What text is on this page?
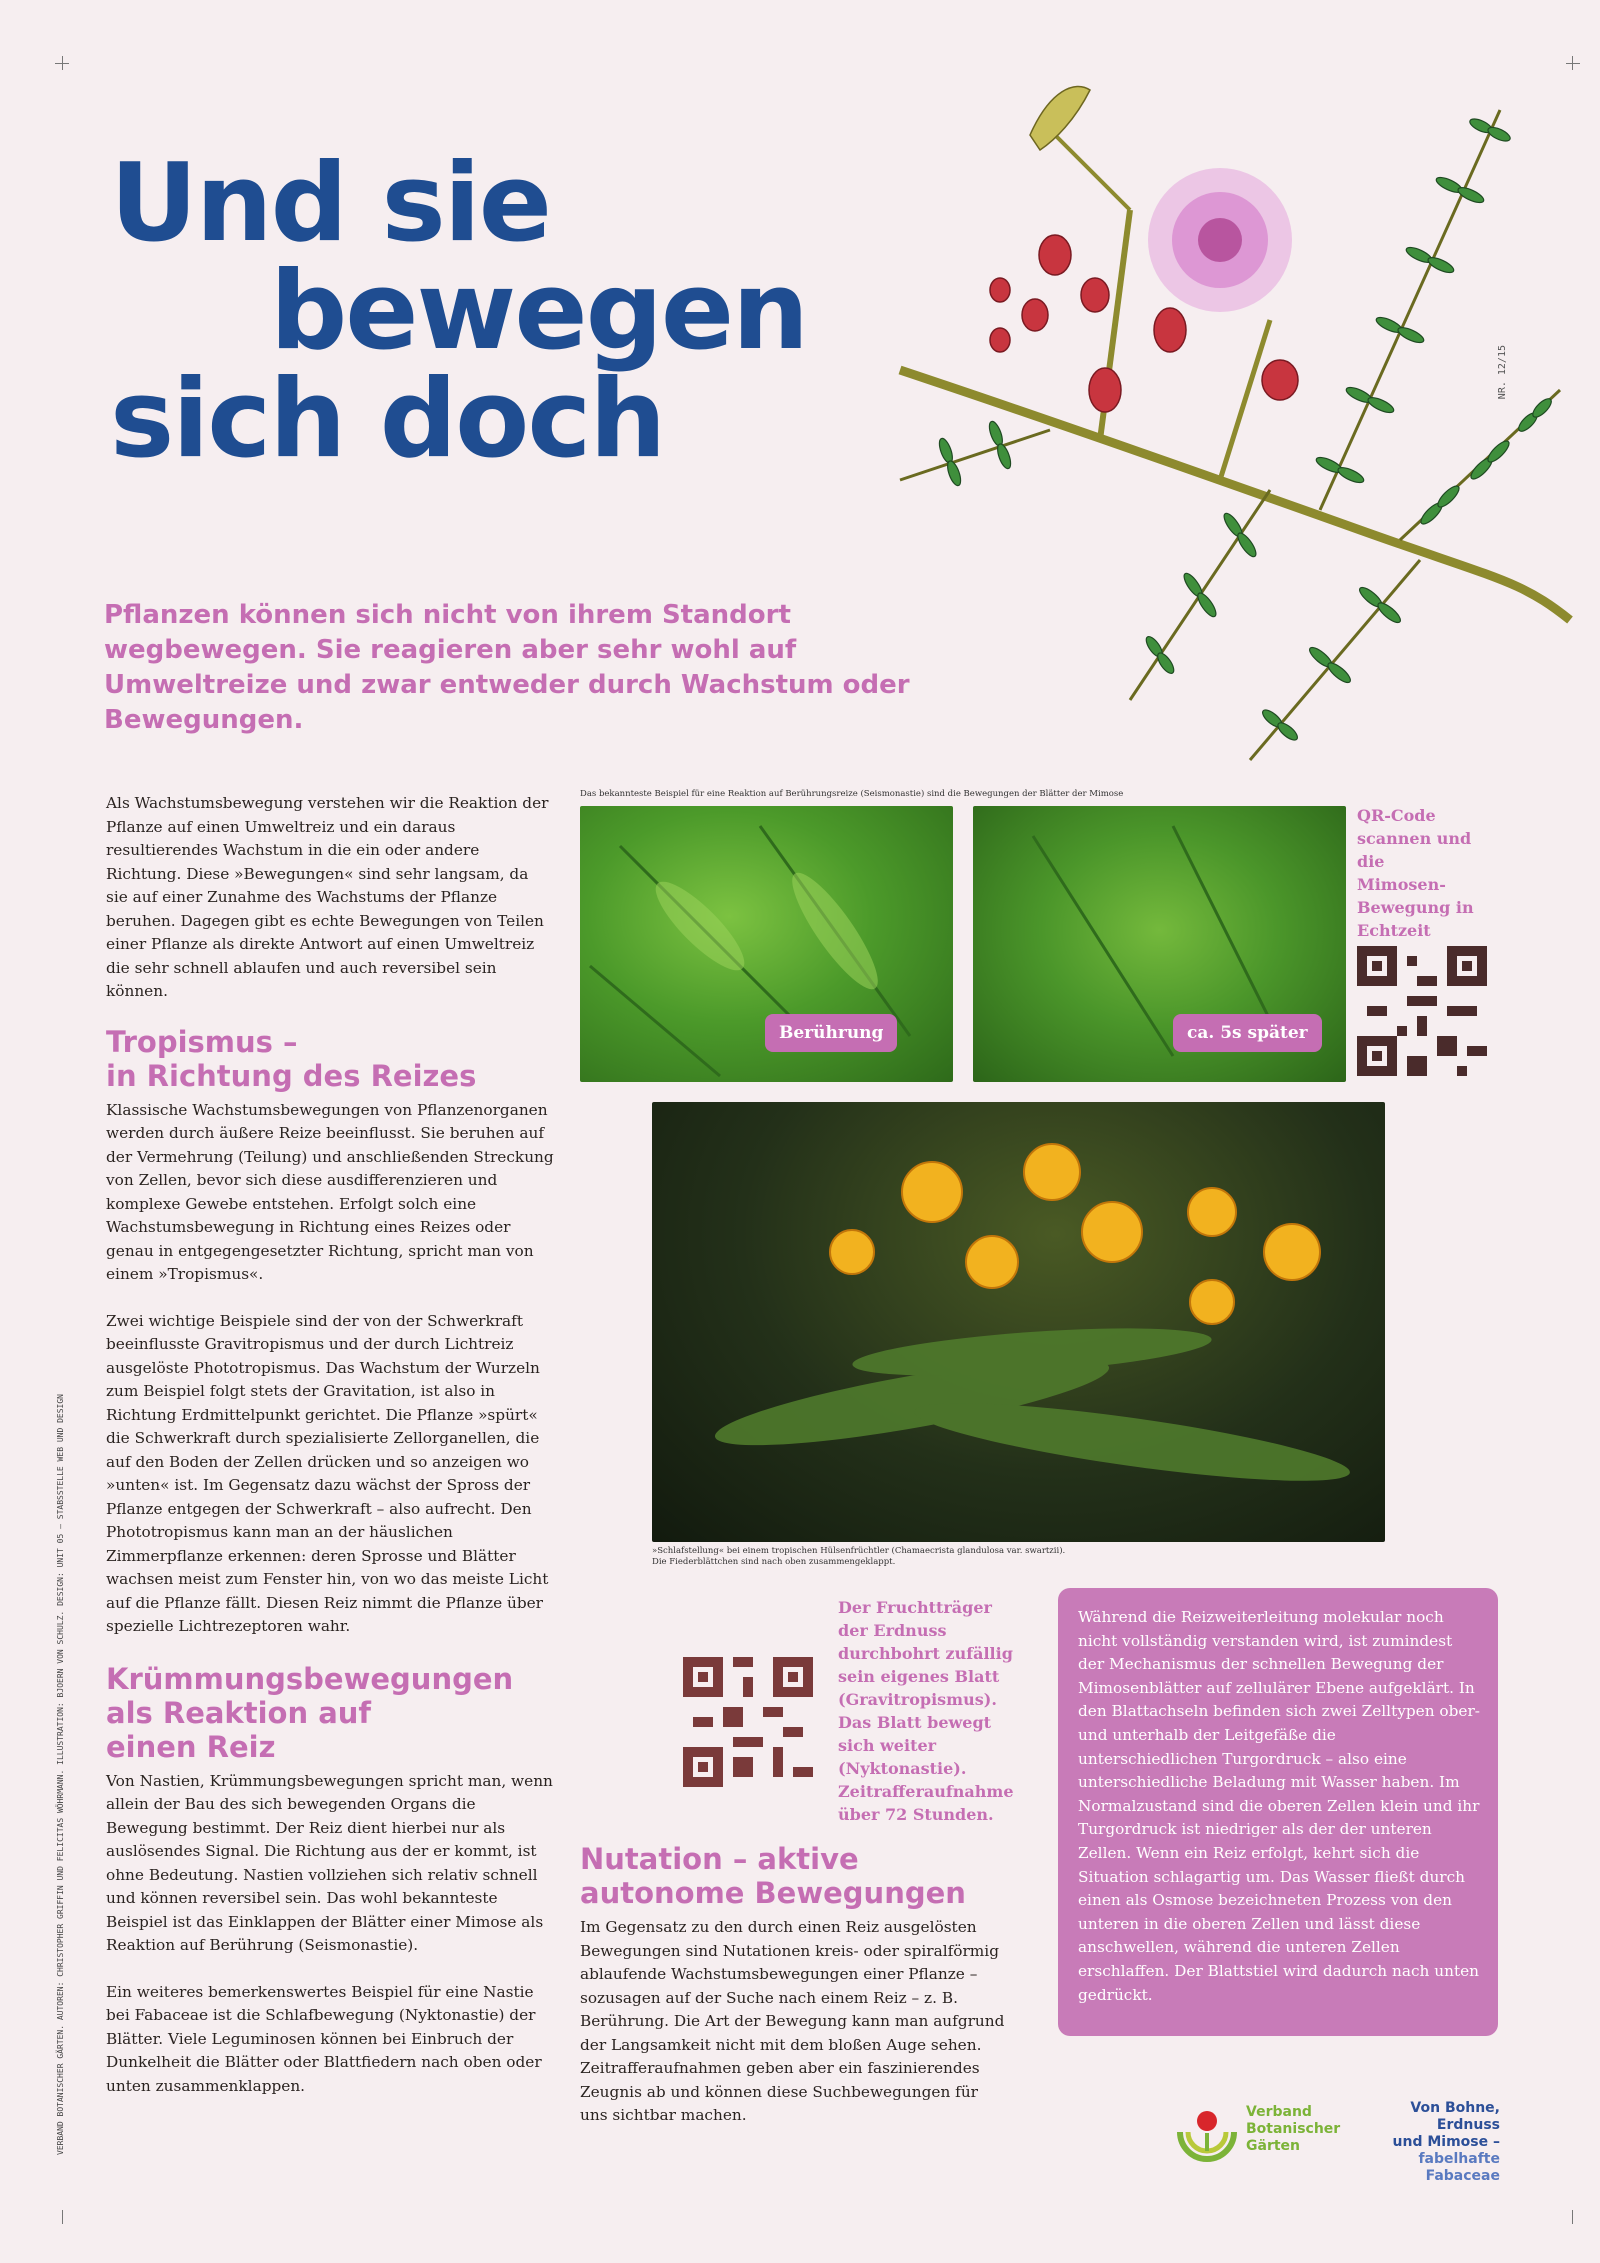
NR. 12/15
Und sie
bewegen
sich doch
Pflanzen können sich nicht von ihrem Standort wegbewegen. Sie reagieren aber sehr wohl auf Umweltreize und zwar entweder durch Wachstum oder Bewegungen.
VERBAND BOTANISCHER GÄRTEN. AUTOREN: CHRISTOPHER GRIFFIN UND FELICITAS WÖHRMANN. ILLUSTRATION: BJOERN VON SCHULZ. DESIGN: UNIT 05 – STABSSTELLE WEB UND DESIGN

Als Wachstumsbewegung verstehen wir die Reaktion der Pflanze auf einen Umweltreiz und ein daraus resultierendes Wachstum in die ein oder andere Richtung. Diese »Bewegungen« sind sehr langsam, da sie auf einer Zunahme des Wachstums der Pflanze beruhen. Dagegen gibt es echte Bewegungen von Teilen einer Pflanze als direkte Antwort auf einen Umweltreiz die sehr schnell ablaufen und auch reversibel sein können.

Tropismus –
in Richtung des Reizes

Klassische Wachstumsbewegungen von Pflanzenorganen werden durch äußere Reize beeinflusst. Sie beruhen auf der Vermehrung (Teilung) und anschließenden Streckung von Zellen, bevor sich diese ausdifferenzieren und komplexe Gewebe entstehen. Erfolgt solch eine Wachstumsbewegung in Richtung eines Reizes oder genau in entgegengesetzter Richtung, spricht man von einem »Tropismus«.

Zwei wichtige Beispiele sind der von der Schwerkraft beeinflusste Gravitropismus und der durch Lichtreiz ausgelöste Phototropismus. Das Wachstum der Wurzeln zum Beispiel folgt stets der Gravitation, ist also in Richtung Erdmittelpunkt gerichtet. Die Pflanze »spürt« die Schwerkraft durch spezialisierte Zellorganellen, die auf den Boden der Zellen drücken und so anzeigen wo »unten« ist. Im Gegensatz dazu wächst der Spross der Pflanze entgegen der Schwerkraft – also aufrecht. Den Phototropismus kann man an der häuslichen Zimmerpflanze erkennen: deren Sprosse und Blätter wachsen meist zum Fenster hin, von wo das meiste Licht auf die Pflanze fällt. Diesen Reiz nimmt die Pflanze über spezielle Lichtrezeptoren wahr.

Krümmungsbewegungen
als Reaktion auf
einen Reiz

Von Nastien, Krümmungsbewegungen spricht man, wenn allein der Bau des sich bewegenden Organs die Bewegung bestimmt. Der Reiz dient hierbei nur als auslösendes Signal. Die Richtung aus der er kommt, ist ohne Bedeutung. Nastien vollziehen sich relativ schnell und können reversibel sein. Das wohl bekannteste Beispiel ist das Einklappen der Blätter einer Mimose als Reaktion auf Berührung (Seismonastie).

Ein weiteres bemerkenswertes Beispiel für eine Nastie bei Fabaceae ist die Schlafbewegung (Nyktonastie) der Blätter. Viele Leguminosen können bei Einbruch der Dunkelheit die Blätter oder Blattfiedern nach oben oder unten zusammenklappen.

Das bekannteste Beispiel für eine Reaktion auf Berührungsreize (Seismonastie) sind die Bewegungen der Blätter der Mimose
Berührung	ca. 5s später
QR-Code scannen und die Mimosen-Bewegung in Echtzeit
»Schlafstellung« bei einem tropischen Hülsenfrüchtler (Chamaecrista glandulosa var. swartzii).
Die Fiederblättchen sind nach oben zusammengeklappt.
Der Fruchtträger der Erdnuss durchbohrt zufällig sein eigenes Blatt (Gravitropismus). Das Blatt bewegt sich weiter (Nyktonastie). Zeitrafferaufnahme über 72 Stunden.
Nutation – aktive
autonome Bewegungen

Im Gegensatz zu den durch einen Reiz ausgelösten Bewegungen sind Nutationen kreis- oder spiralförmig ablaufende Wachstumsbewegungen einer Pflanze – sozusagen auf der Suche nach einem Reiz – z. B. Berührung. Die Art der Bewegung kann man aufgrund der Langsamkeit nicht mit dem bloßen Auge sehen. Zeitrafferaufnahmen geben aber ein faszinierendes Zeugnis ab und können diese Suchbewegungen für uns sichtbar machen.

Während die Reizweiterleitung molekular noch nicht vollständig verstanden wird, ist zumindest der Mechanismus der schnellen Bewegung der Mimosenblätter auf zellulärer Ebene aufgeklärt. In den Blattachseln befinden sich zwei Zelltypen ober- und unterhalb der Leitgefäße die unterschiedlichen Turgordruck – also eine unterschiedliche Beladung mit Wasser haben. Im Normalzustand sind die oberen Zellen klein und ihr Turgordruck ist niedriger als der der unteren Zellen. Wenn ein Reiz erfolgt, kehrt sich die Situation schlagartig um. Das Wasser fließt durch einen als Osmose bezeichneten Prozess von den unteren in die oberen Zellen und lässt diese anschwellen, während die unteren Zellen erschlaffen. Der Blattstiel wird dadurch nach unten gedrückt.
Verband
Botanischer
Gärten
Von Bohne,
Erdnuss
und Mimose –
fabelhafte
Fabaceae
